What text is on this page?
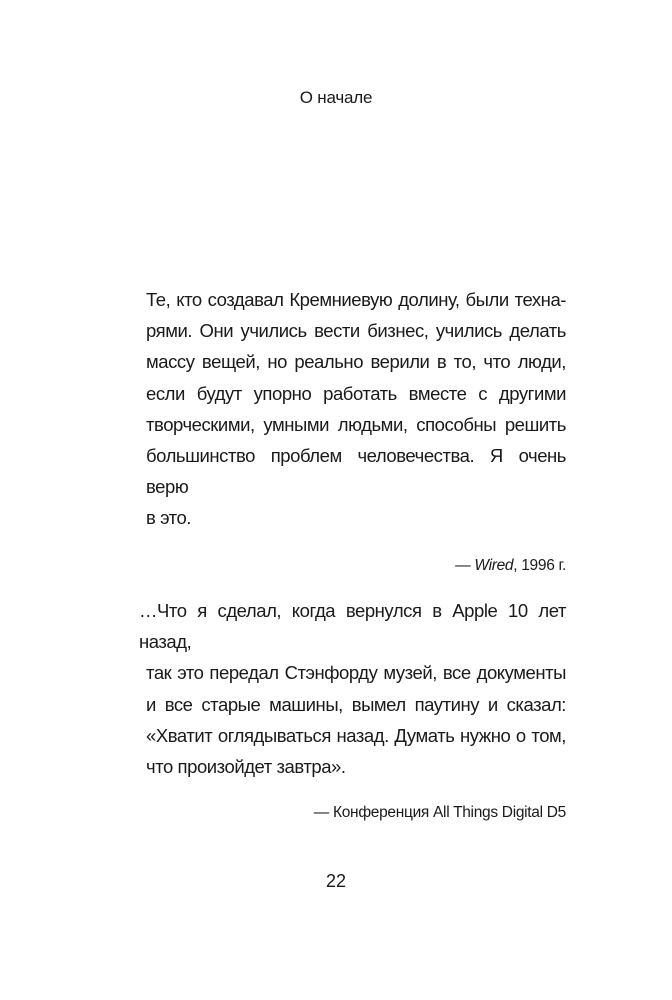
О начале

Те, кто создавал Кремниевую долину, были техна-
рями. Они учились вести бизнес, учились делать
массу вещей, но реально верили в то, что люди,
если будут упорно работать вместе с другими
творческими, умными людьми, способны решить
большинство проблем человечества. Я очень верю
в это.

— Wired, 1996 г.

…Что я сделал, когда вернулся в Apple 10 лет назад,
так это передал Стэнфорду музей, все документы
и все старые машины, вымел паутину и сказал:
«Хватит оглядываться назад. Думать нужно о том,
что произойдет завтра».

— Конференция All Things Digital D5
22
